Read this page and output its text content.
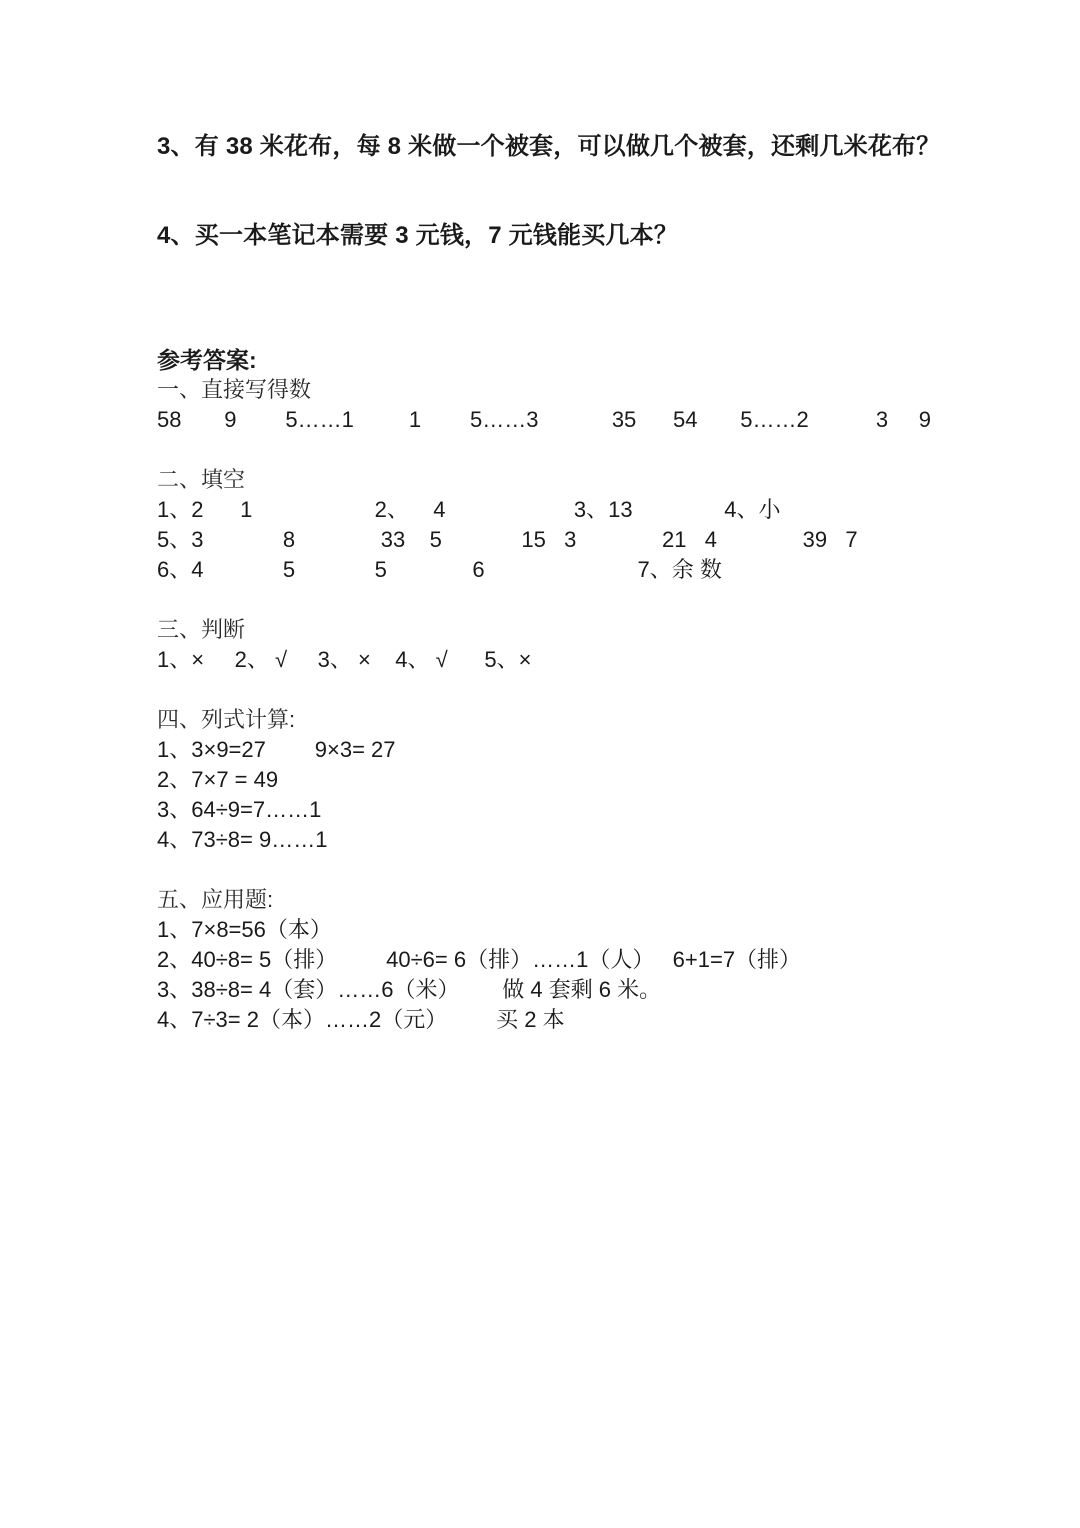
3、有 38 米花布，每 8 米做一个被套，可以做几个被套，还剩几米花布？
4、买一本笔记本需要 3 元钱，7 元钱能买几本？
参考答案:
一、直接写得数
58       9        5……1         1        5……3            35      54       5……2           3     9
二、填空
1、2      1                    2、    4                     3、13               4、小
5、3             8              33    5             15   3              21   4              39   7
6、4             5             5              6                         7、余 数
三、判断
1、×     2、 √     3、 ×    4、 √      5、×
四、列式计算:
1、3×9=27        9×3= 27
2、7×7 = 49
3、64÷9=7……1
4、73÷8= 9……1
五、应用题:
1、7×8=56（本）
2、40÷8= 5（排）        40÷6= 6（排）……1（人）   6+1=7（排）
3、38÷8= 4（套）……6（米）       做 4 套剩 6 米。
4、7÷3= 2（本）……2（元）        买 2 本
